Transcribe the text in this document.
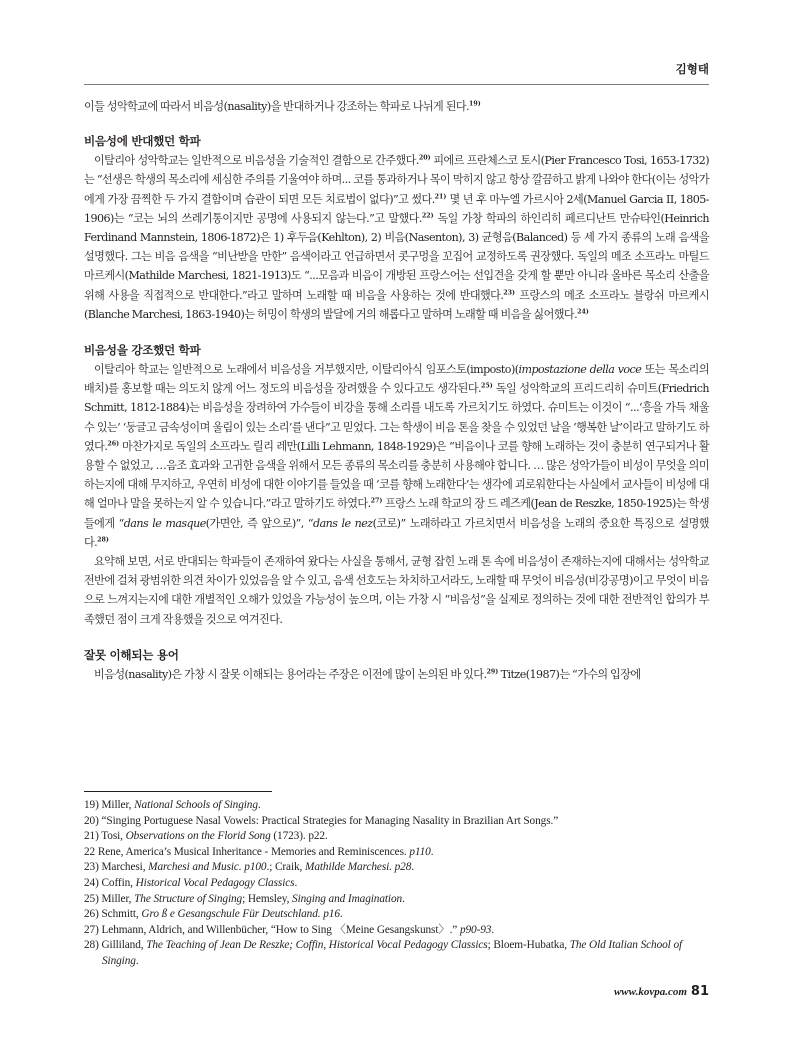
김형태

이들 성악학교에 따라서 비음성(nasality)을 반대하거나 강조하는 학파로 나뉘게 된다.$^{19)}$

비음성에 반대했던 학파

이탈리아 성악학교는 일반적으로 비음성을 기술적인 결함으로 간주했다.$^{20)}$ 피에르 프란체스코 토시(Pier Francesco Tosi, 1653-1732)는 “선생은 학생의 목소리에 세심한 주의를 기울여야 하며... 코를 통과하거나 목이 막히지 않고 항상 깔끔하고 밝게 나와야 한다(이는 성악가에게 가장 끔찍한 두 가지 결함이며 습관이 되면 모든 치료법이 없다)”고 썼다.$^{21)}$ 몇 년 후 마누엘 가르시아 2세(Manuel Garcia II, 1805-1906)는 “코는 뇌의 쓰레기통이지만 공명에 사용되지 않는다.”고 말했다.$^{22)}$ 독일 가창 학파의 하인리히 페르디난트 만슈타인(Heinrich Ferdinand Mannstein, 1806-1872)은 1) 후두음(Kehlton), 2) 비음(Nasenton), 3) 균형음(Balanced) 등 세 가지 종류의 노래 음색을 설명했다. 그는 비음 음색을 “비난받을 만한” 음색이라고 언급하면서 콧구멍을 꼬집어 교정하도록 권장했다. 독일의 메조 소프라노 마틸드 마르케시(Mathilde Marchesi, 1821-1913)도 “...모음과 비음이 개방된 프랑스어는 선입견을 갖게 할 뿐만 아니라 올바른 목소리 산출을 위해 사용을 직접적으로 반대한다.”라고 말하며 노래할 때 비음을 사용하는 것에 반대했다.$^{23)}$ 프랑스의 메조 소프라노 블랑쉬 마르케시(Blanche Marchesi, 1863-1940)는 허밍이 학생의 발달에 거의 해롭다고 말하며 노래할 때 비음을 싫어했다.$^{24)}$

비음성을 강조했던 학파

이탈리아 학교는 일반적으로 노래에서 비음성을 거부했지만, 이탈리아식 임포스토(imposto)(impostazione della voce 또는 목소리의 배치)를 홍보할 때는 의도치 않게 어느 정도의 비음성을 장려했을 수 있다고도 생각된다.$^{25)}$ 독일 성악학교의 프리드리히 슈미트(Friedrich Schmitt, 1812-1884)는 비음성을 장려하여 가수들이 비강을 통해 소리를 내도록 가르치기도 하였다. 슈미트는 이것이 “...‘흥을 가득 채울 수 있는’ ‘둥글고 금속성이며 울림이 있는 소리’를 낸다”고 믿었다. 그는 학생이 비음 톤을 찾을 수 있었던 날을 ‘행복한 날’이라고 말하기도 하였다.$^{26)}$ 마찬가지로 독일의 소프라노 릴리 레만(Lilli Lehmann, 1848-1929)은 “비음이나 코를 향해 노래하는 것이 충분히 연구되거나 활용할 수 없었고, …음조 효과와 고귀한 음색을 위해서 모든 종류의 목소리를 충분히 사용해야 합니다. … 많은 성악가들이 비성이 무엇을 의미하는지에 대해 무지하고, 우연히 비성에 대한 이야기를 들었을 때 ‘코를 향해 노래한다’는 생각에 괴로워한다는 사실에서 교사들이 비성에 대해 얼마나 말을 못하는지 알 수 있습니다.”라고 말하기도 하였다.$^{27)}$ 프랑스 노래 학교의 장 드 레즈케(Jean de Reszke, 1850-1925)는 학생들에게 “dans le masque(가면안, 즉 앞으로)”, “dans le nez(코로)” 노래하라고 가르치면서 비음성을 노래의 중요한 특징으로 설명했다.$^{28)}$

요약해 보면, 서로 반대되는 학파들이 존재하여 왔다는 사실을 통해서, 균형 잡힌 노래 톤 속에 비음성이 존재하는지에 대해서는 성악학교 전반에 걸쳐 광범위한 의견 차이가 있었음을 알 수 있고, 음색 선호도는 차치하고서라도, 노래할 때 무엇이 비음성(비강공명)이고 무엇이 비음으로 느껴지는지에 대한 개별적인 오해가 있었을 가능성이 높으며, 이는 가창 시 “비음성”을 실제로 정의하는 것에 대한 전반적인 합의가 부족했던 점이 크게 작용했을 것으로 여겨진다.

잘못 이해되는 용어

비음성(nasality)은 가창 시 잘못 이해되는 용어라는 주장은 이전에 많이 논의된 바 있다.$^{29)}$ Titze(1987)는 “가수의 입장에

19) Miller, National Schools of Singing.
20) “Singing Portuguese Nasal Vowels: Practical Strategies for Managing Nasality in Brazilian Art Songs.”
21) Tosi, Observations on the Florid Song (1723). p22.
22 Rene, America’s Musical Inheritance - Memories and Reminiscences. p110.
23) Marchesi, Marchesi and Music. p100.; Craik, Mathilde Marchesi. p28.
24) Coffin, Historical Vocal Pedagogy Classics.
25) Miller, The Structure of Singing; Hemsley, Singing and Imagination.
26) Schmitt, Gro ß e Gesangschule Für Deutschland. p16.
27) Lehmann, Aldrich, and Willenbücher, “How to Sing 〈Meine Gesangskunst〉.” p90-93.
28) Gilliland, The Teaching of Jean De Reszke; Coffin, Historical Vocal Pedagogy Classics; Bloem-Hubatka, The Old Italian School of Singing.
www.kovpa.com 81
